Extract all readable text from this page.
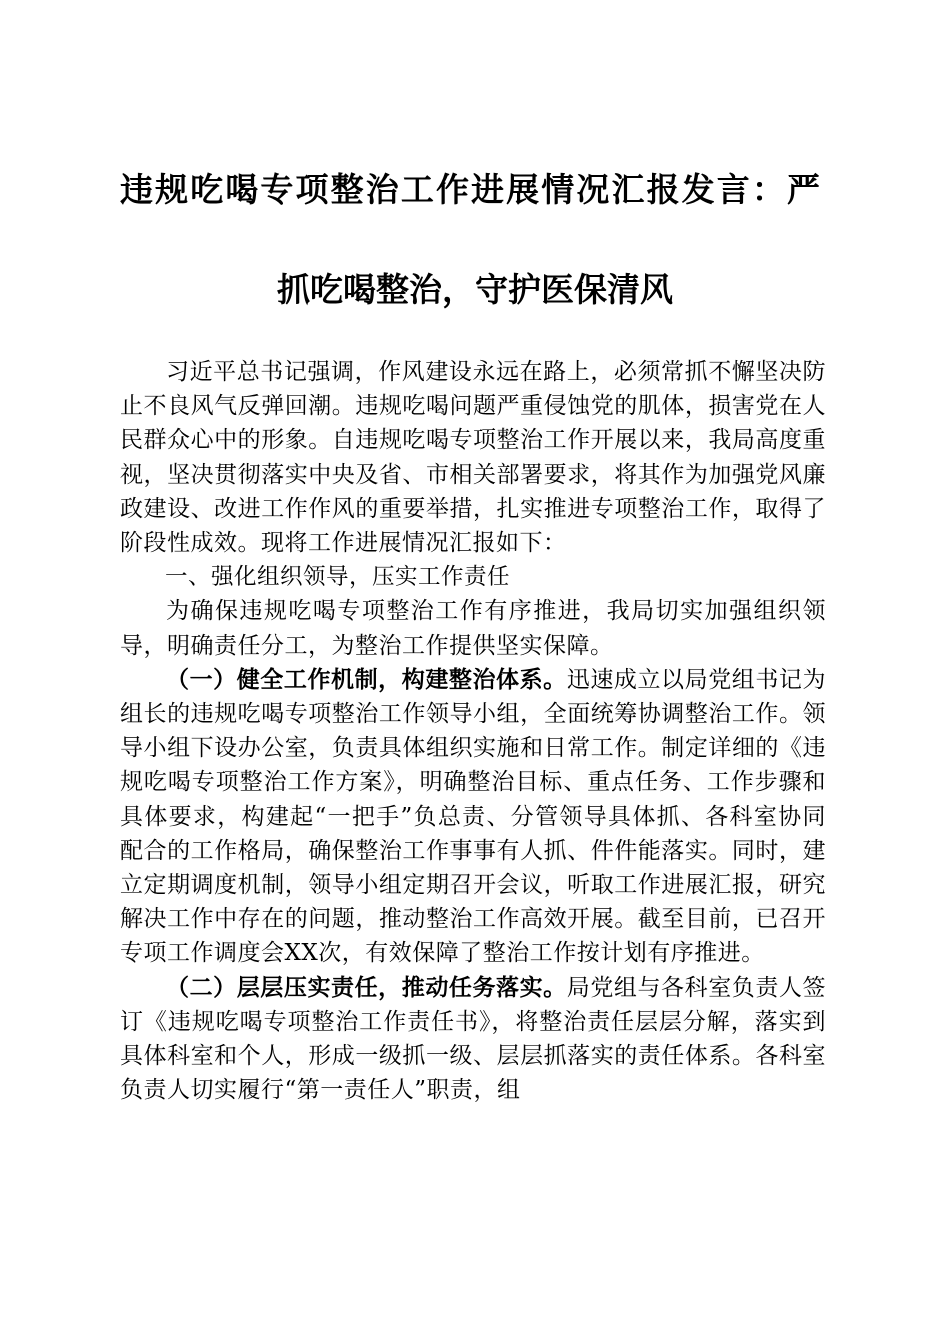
违规吃喝专项整治工作进展情况汇报发言：严
抓吃喝整治，守护医保清风

习近平总书记强调，作风建设永远在路上，必须常抓不懈坚决防止不良风气反弹回潮。违规吃喝问题严重侵蚀党的肌体，损害党在人民群众心中的形象。自违规吃喝专项整治工作开展以来，我局高度重视，坚决贯彻落实中央及省、市相关部署要求，将其作为加强党风廉政建设、改进工作作风的重要举措，扎实推进专项整治工作，取得了阶段性成效。现将工作进展情况汇报如下：

一、强化组织领导，压实工作责任

为确保违规吃喝专项整治工作有序推进，我局切实加强组织领导，明确责任分工，为整治工作提供坚实保障。

（一）健全工作机制，构建整治体系。迅速成立以局党组书记为组长的违规吃喝专项整治工作领导小组，全面统筹协调整治工作。领导小组下设办公室，负责具体组织实施和日常工作。制定详细的《违规吃喝专项整治工作方案》，明确整治目标、重点任务、工作步骤和具体要求，构建起“一把手”负总责、分管领导具体抓、各科室协同配合的工作格局，确保整治工作事事有人抓、件件能落实。同时，建立定期调度机制，领导小组定期召开会议，听取工作进展汇报，研究解决工作中存在的问题，推动整治工作高效开展。截至目前，已召开专项工作调度会XX次，有效保障了整治工作按计划有序推进。

（二）层层压实责任，推动任务落实。局党组与各科室负责人签订《违规吃喝专项整治工作责任书》，将整治责任层层分解，落实到具体科室和个人，形成一级抓一级、层层抓落实的责任体系。各科室负责人切实履行“第一责任人”职责，组
